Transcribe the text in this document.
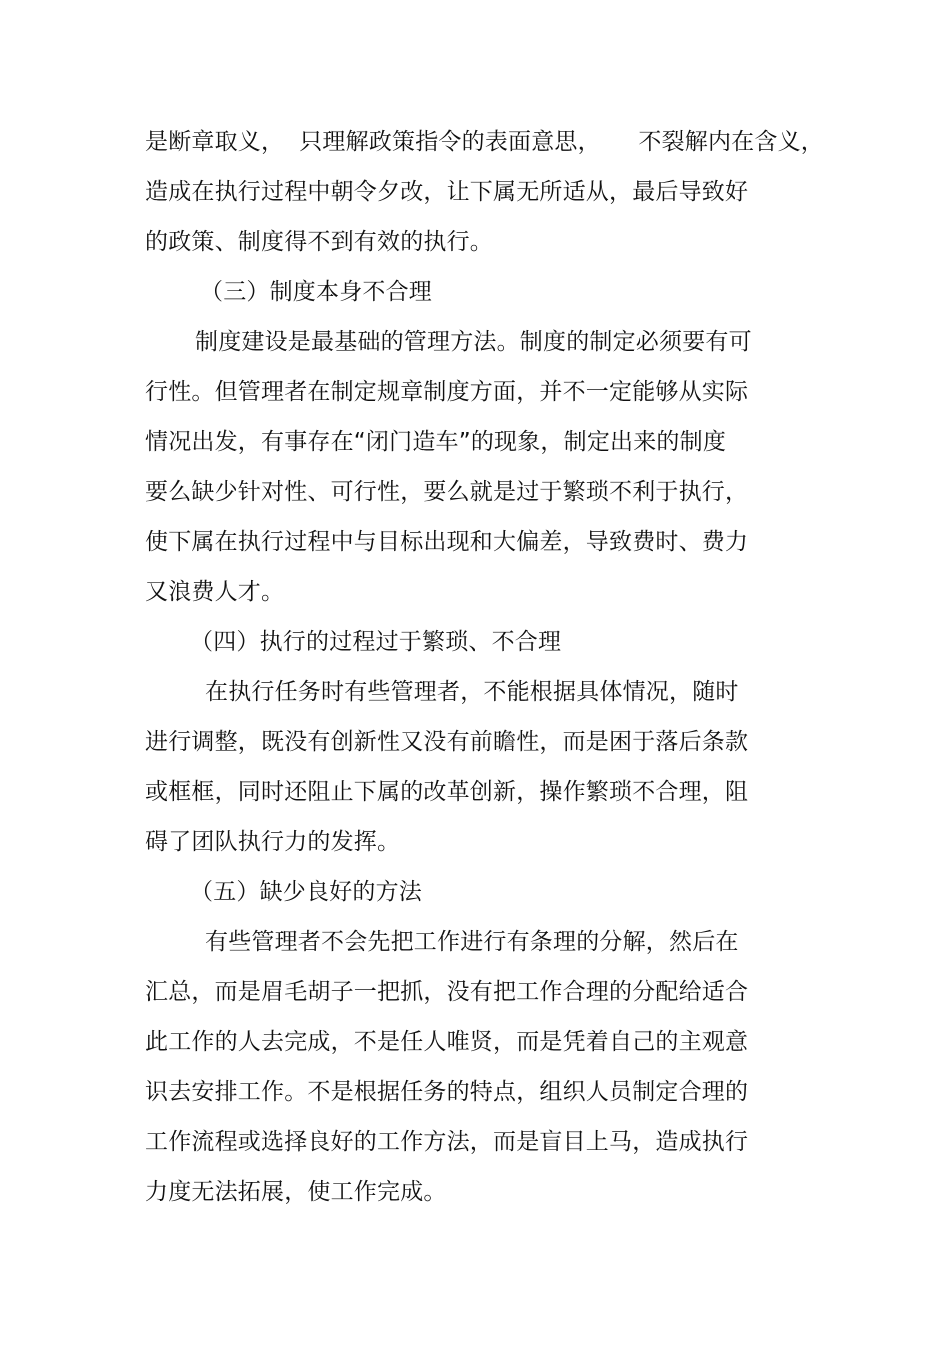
是断章取义，  只理解政策指令的表面意思，     不裂解内在含义，
造成在执行过程中朝令夕改，让下属无所适从，最后导致好
的政策、制度得不到有效的执行。
（三）制度本身不合理
制度建设是最基础的管理方法。制度的制定必须要有可
行性。但管理者在制定规章制度方面，并不一定能够从实际
情况出发，有事存在“闭门造车”的现象，制定出来的制度
要么缺少针对性、可行性，要么就是过于繁琐不利于执行，
使下属在执行过程中与目标出现和大偏差，导致费时、费力
又浪费人才。
（四）执行的过程过于繁琐、不合理
在执行任务时有些管理者，不能根据具体情况，随时
进行调整，既没有创新性又没有前瞻性，而是困于落后条款
或框框，同时还阻止下属的改革创新，操作繁琐不合理，阻
碍了团队执行力的发挥。
（五）缺少良好的方法
有些管理者不会先把工作进行有条理的分解，然后在
汇总，而是眉毛胡子一把抓，没有把工作合理的分配给适合
此工作的人去完成，不是任人唯贤，而是凭着自己的主观意
识去安排工作。不是根据任务的特点，组织人员制定合理的
工作流程或选择良好的工作方法，而是盲目上马，造成执行
力度无法拓展，使工作完成。
